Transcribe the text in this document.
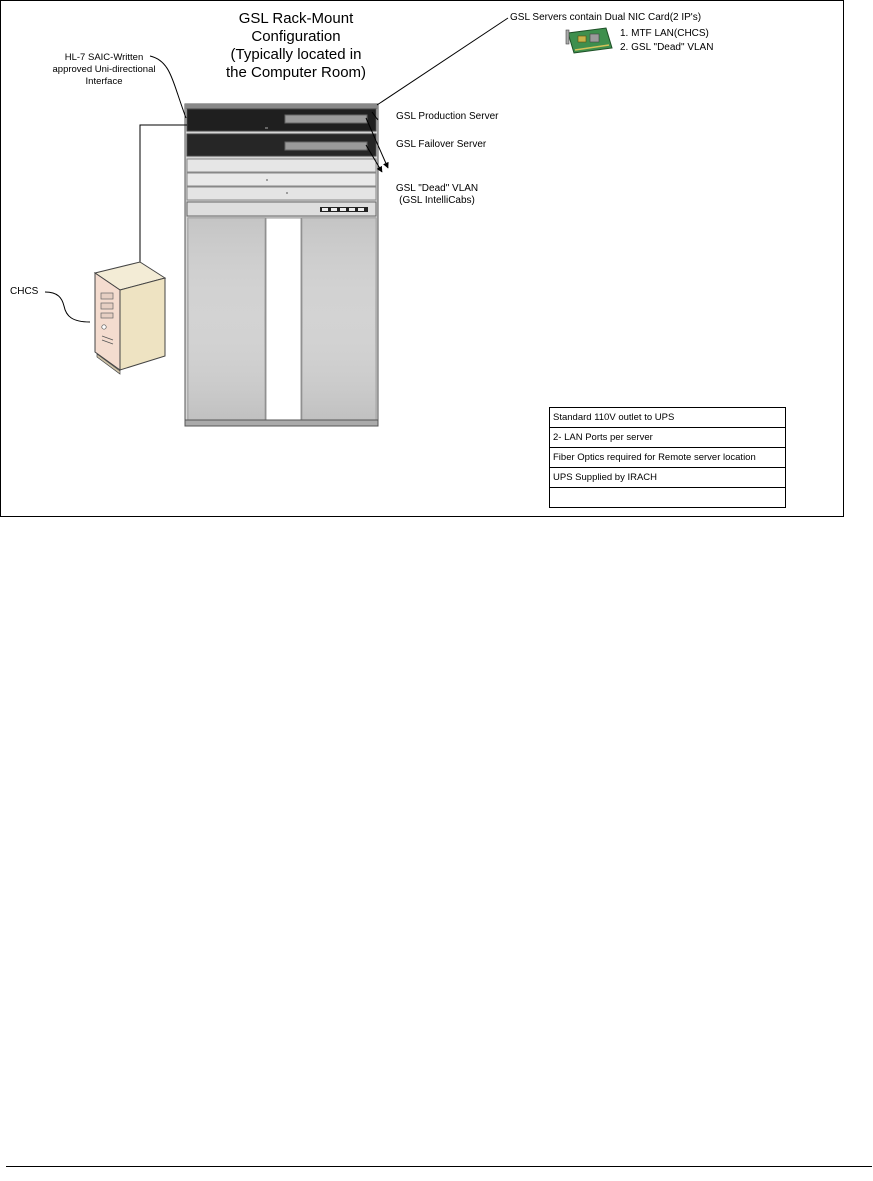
GSL Rack-Mount
Configuration
(Typically located in
the Computer Room)
HL-7 SAIC-Written
approved Uni-directional
Interface
CHCS
GSL Servers contain Dual NIC Card(2 IP's)
1. MTF LAN(CHCS)
2. GSL "Dead" VLAN
GSL Production Server
GSL Failover Server
GSL "Dead" VLAN
(GSL IntelliCabs)
Standard 110V outlet to UPS
2- LAN Ports per server
Fiber Optics required for Remote server location
UPS Supplied by IRACH
